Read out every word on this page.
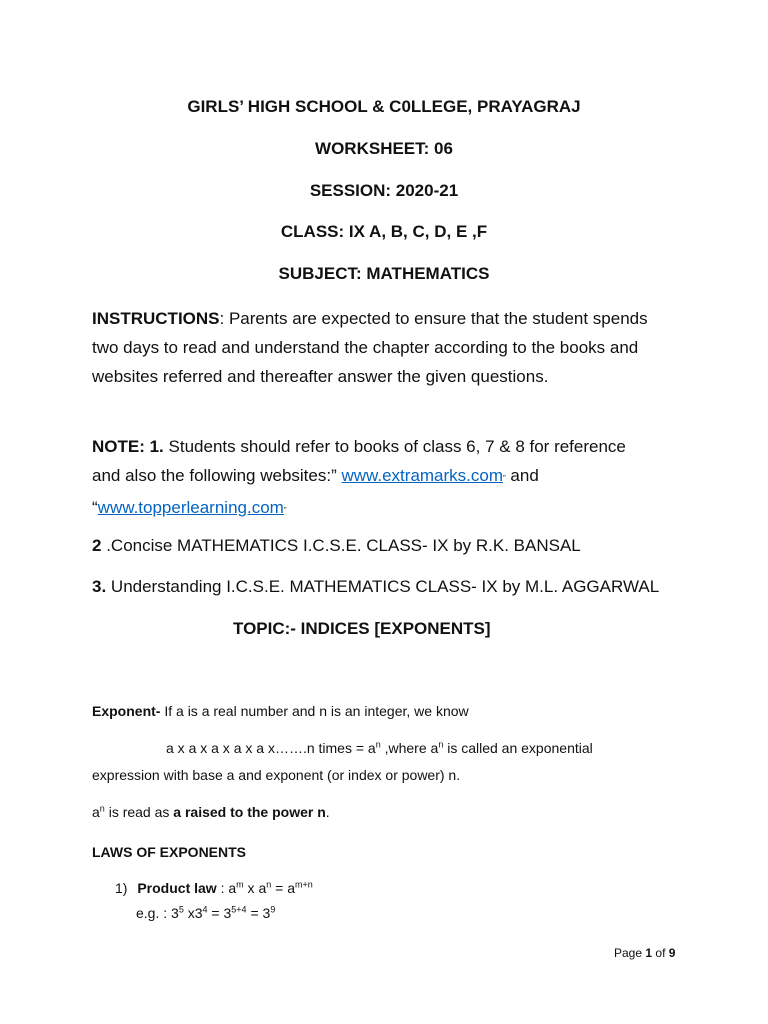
GIRLS’ HIGH SCHOOL & C0LLEGE, PRAYAGRAJ
WORKSHEET: 06
SESSION: 2020-21
CLASS: IX A, B, C, D, E ,F
SUBJECT: MATHEMATICS
INSTRUCTIONS: Parents are expected to ensure that the student spends two days to read and understand the chapter according to the books and websites referred and thereafter answer the given questions.
NOTE: 1. Students should refer to books of class 6, 7 & 8 for reference and also the following websites:” www.extramarks.com” and
“www.topperlearning.com”
2 .Concise MATHEMATICS I.C.S.E. CLASS- IX by R.K. BANSAL
3. Understanding I.C.S.E. MATHEMATICS CLASS- IX by M.L. AGGARWAL
TOPIC:- INDICES [EXPONENTS]
Exponent- If a is a real number and n is an integer, we know
a x a x a x a x a x…….n times = $a^n$ ,where $a^n$ is called an exponential
expression with base a and exponent (or index or power) n.
$a^n$ is read as a raised to the power n.
LAWS OF EXPONENTS
1) Product law : $a^m$ x $a^n = a^{m+n}$
e.g. : $3^5$ $x3^4 = 3^{5+4} = 3^9$
Page 1 of 9
